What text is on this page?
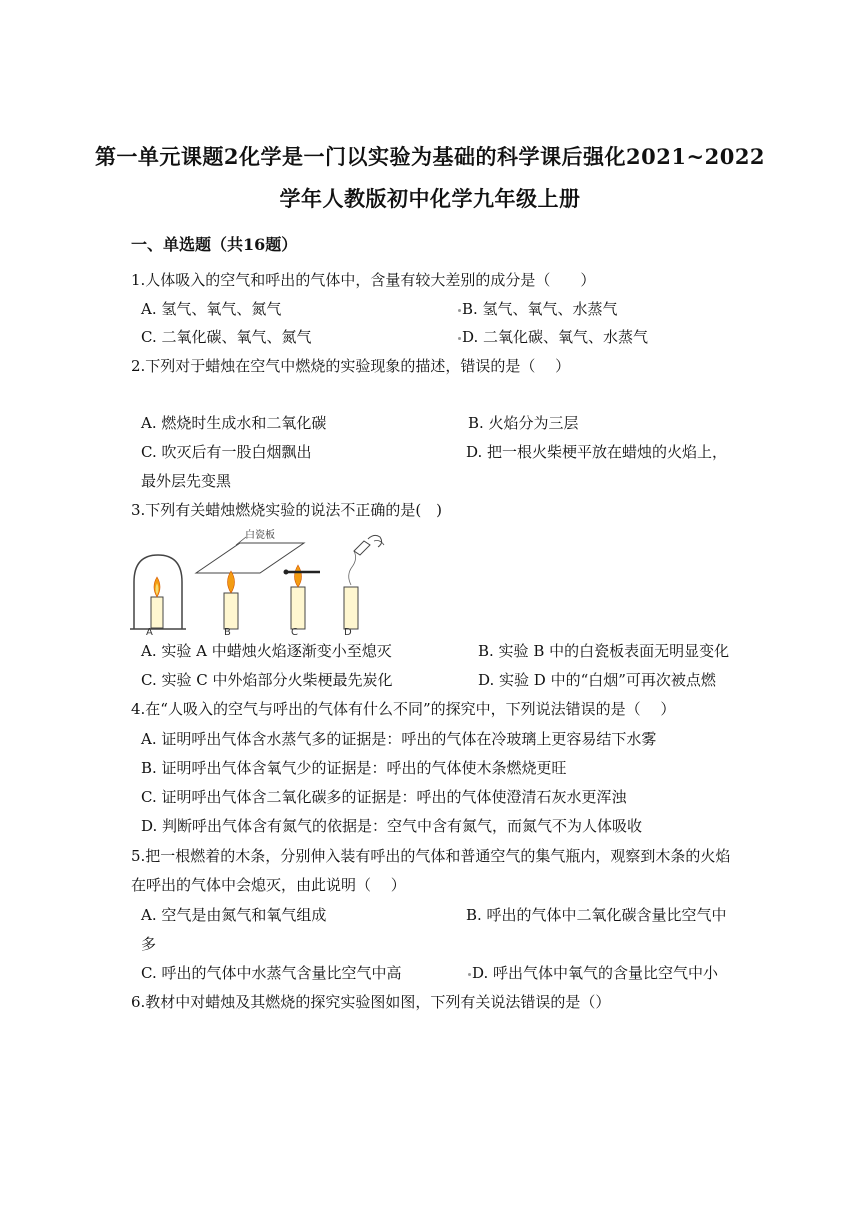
第一单元课题2化学是一门以实验为基础的科学课后强化2021~2022
学年人教版初中化学九年级上册
一、单选题（共16题）
1.人体吸入的空气和呼出的气体中，含量有较大差别的成分是（　　）
A. 氢气、氧气、氮气	B. 氢气、氧气、水蒸气
C. 二氧化碳、氧气、氮气	D. 二氧化碳、氧气、水蒸气
2.下列对于蜡烛在空气中燃烧的实验现象的描述，错误的是（　 ）
A. 燃烧时生成水和二氧化碳	B. 火焰分为三层
C. 吹灭后有一股白烟飘出	D. 把一根火柴梗平放在蜡烛的火焰上，
最外层先变黑
3.下列有关蜡烛燃烧实验的说法不正确的是(　)
白瓷板
A	B	C	D
A. 实验 A 中蜡烛火焰逐渐变小至熄灭	B. 实验 B 中的白瓷板表面无明显变化
C. 实验 C 中外焰部分火柴梗最先炭化	D. 实验 D 中的“白烟”可再次被点燃
4.在“人吸入的空气与呼出的气体有什么不同”的探究中，下列说法错误的是（　 ）
A. 证明呼出气体含水蒸气多的证据是：呼出的气体在冷玻璃上更容易结下水雾
B. 证明呼出气体含氧气少的证据是：呼出的气体使木条燃烧更旺
C. 证明呼出气体含二氧化碳多的证据是：呼出的气体使澄清石灰水更浑浊
D. 判断呼出气体含有氮气的依据是：空气中含有氮气，而氮气不为人体吸收
5.把一根燃着的木条，分别伸入装有呼出的气体和普通空气的集气瓶内，观察到木条的火焰
在呼出的气体中会熄灭，由此说明（　 ）
A. 空气是由氮气和氧气组成	B. 呼出的气体中二氧化碳含量比空气中
多
C. 呼出的气体中水蒸气含量比空气中高	D. 呼出气体中氧气的含量比空气中小
6.教材中对蜡烛及其燃烧的探究实验图如图，下列有关说法错误的是（）
